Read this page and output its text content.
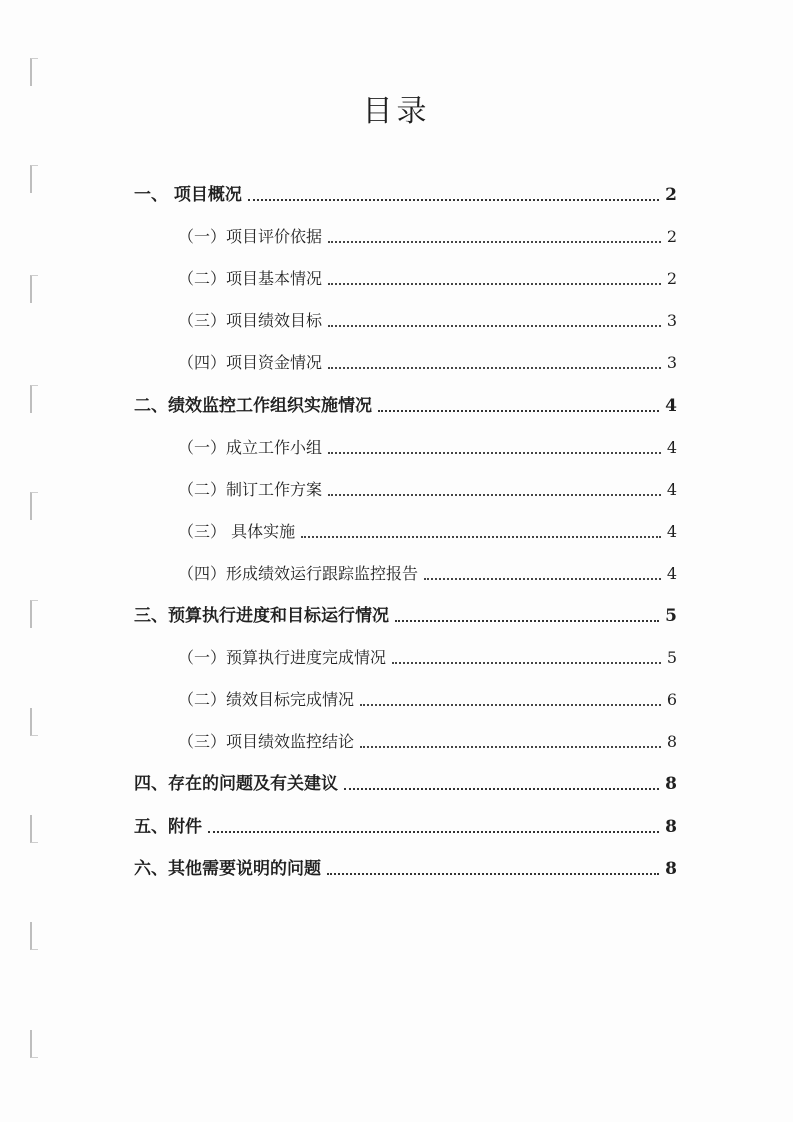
目录
一、 项目概况	2
（一）项目评价依据	2
（二）项目基本情况	2
（三）项目绩效目标	3
（四）项目资金情况	3
二、绩效监控工作组织实施情况	4
（一）成立工作小组	4
（二）制订工作方案	4
（三） 具体实施	4
（四）形成绩效运行跟踪监控报告	4
三、预算执行进度和目标运行情况	5
（一）预算执行进度完成情况	5
（二）绩效目标完成情况	6
（三）项目绩效监控结论	8
四、存在的问题及有关建议	8
五、附件	8
六、其他需要说明的问题	8
